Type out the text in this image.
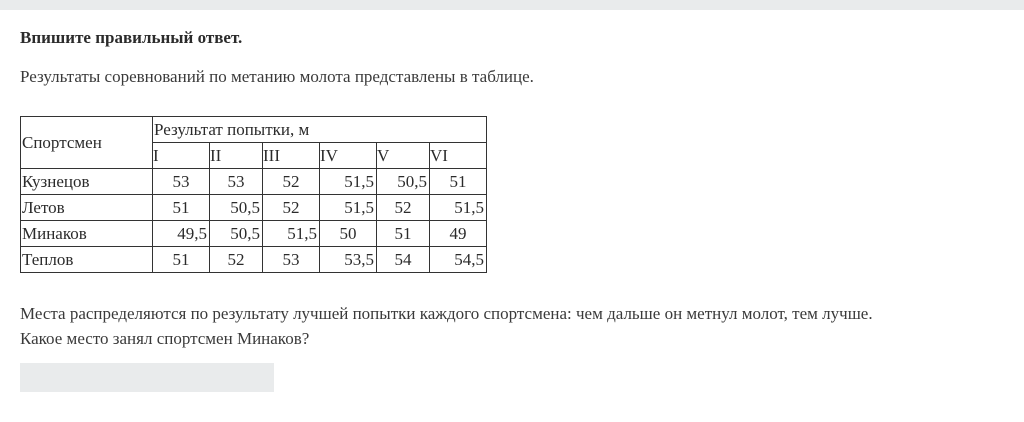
Впишите правильный ответ.

Результаты соревнований по метанию молота представлены в таблице.

Спортсмен	Результат попытки, м					
	I	II	III	IV	V	VI
Кузнецов	53	53	52	51,5	50,5	51
Летов	51	50,5	52	51,5	52	51,5
Минаков	49,5	50,5	51,5	50	51	49
Теплов	51	52	53	53,5	54	54,5

Места распределяются по результату лучшей попытки каждого спортсмена: чем дальше он метнул молот, тем лучше.
Какое место занял спортсмен Минаков?
